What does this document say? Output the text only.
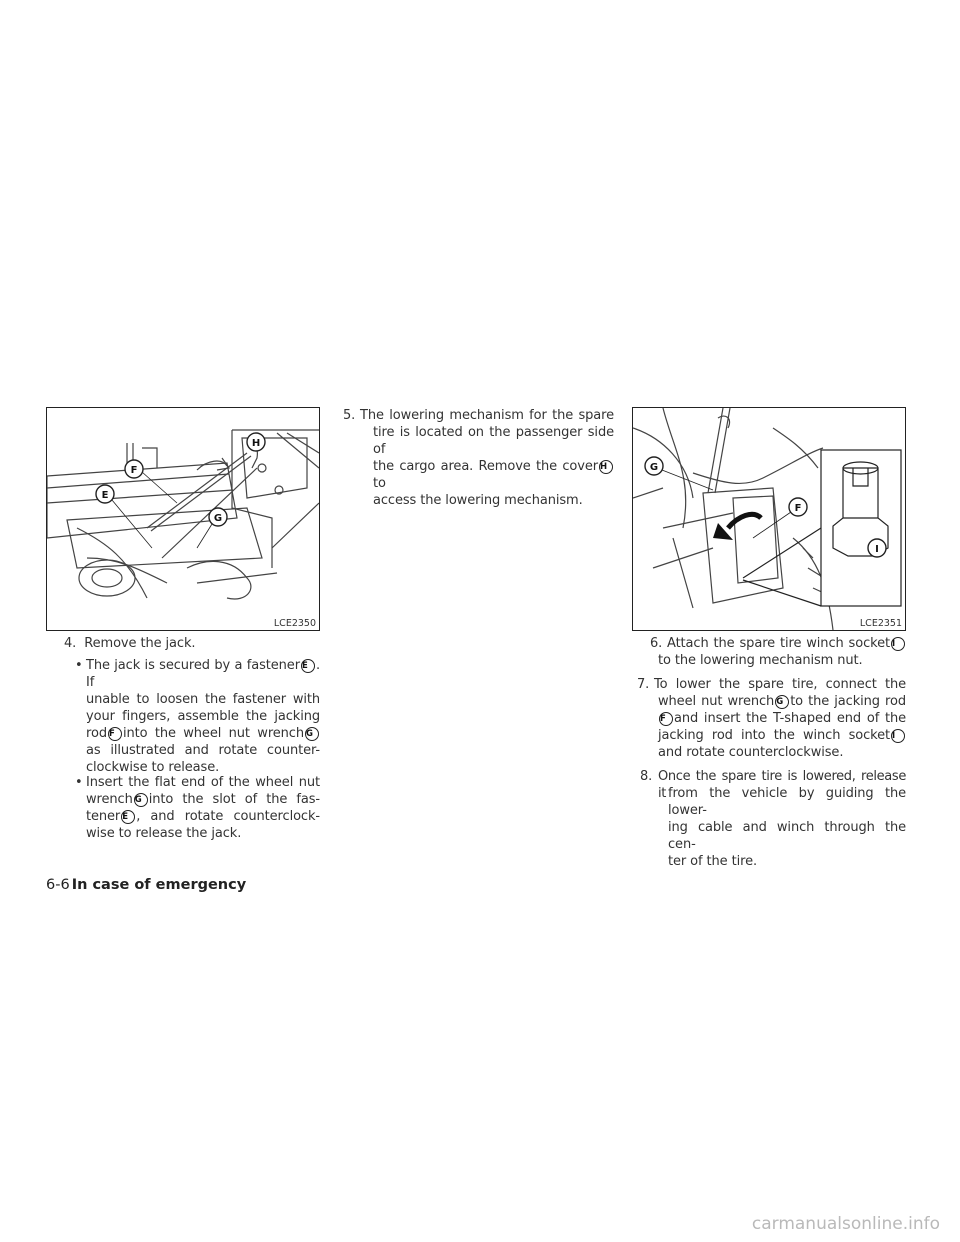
F
E
G
H
LCE2350
G
F
I
LCE2351
4. Remove the jack.
• The jack is secured by a fastener E . If

unable to loosen the fastener with

your fingers, assemble the jacking

rod F into the wheel nut wrench G

as illustrated and rotate counter-

clockwise to release.

• Insert the flat end of the wheel nut

wrench G into the slot of the fas-

tener E , and rotate counterclock-

wise to release the jack.

5. The lowering mechanism for the spare

tire is located on the passenger side of

the cargo area. Remove the cover Hto

access the lowering mechanism.

6. Attach the spare tire winch socket I

to the lowering mechanism nut.

7. To lower the spare tire, connect the

wheel nut wrench G to the jacking rod

F and insert the T-shaped end of the

jacking rod into the winch socket I

and rotate counterclockwise.

8. Once the spare tire is lowered, release it from the vehicle by guiding the lower-

ing cable and winch through the cen-

ter of the tire.

6-6 In case of emergency
carmanualsonline.info
